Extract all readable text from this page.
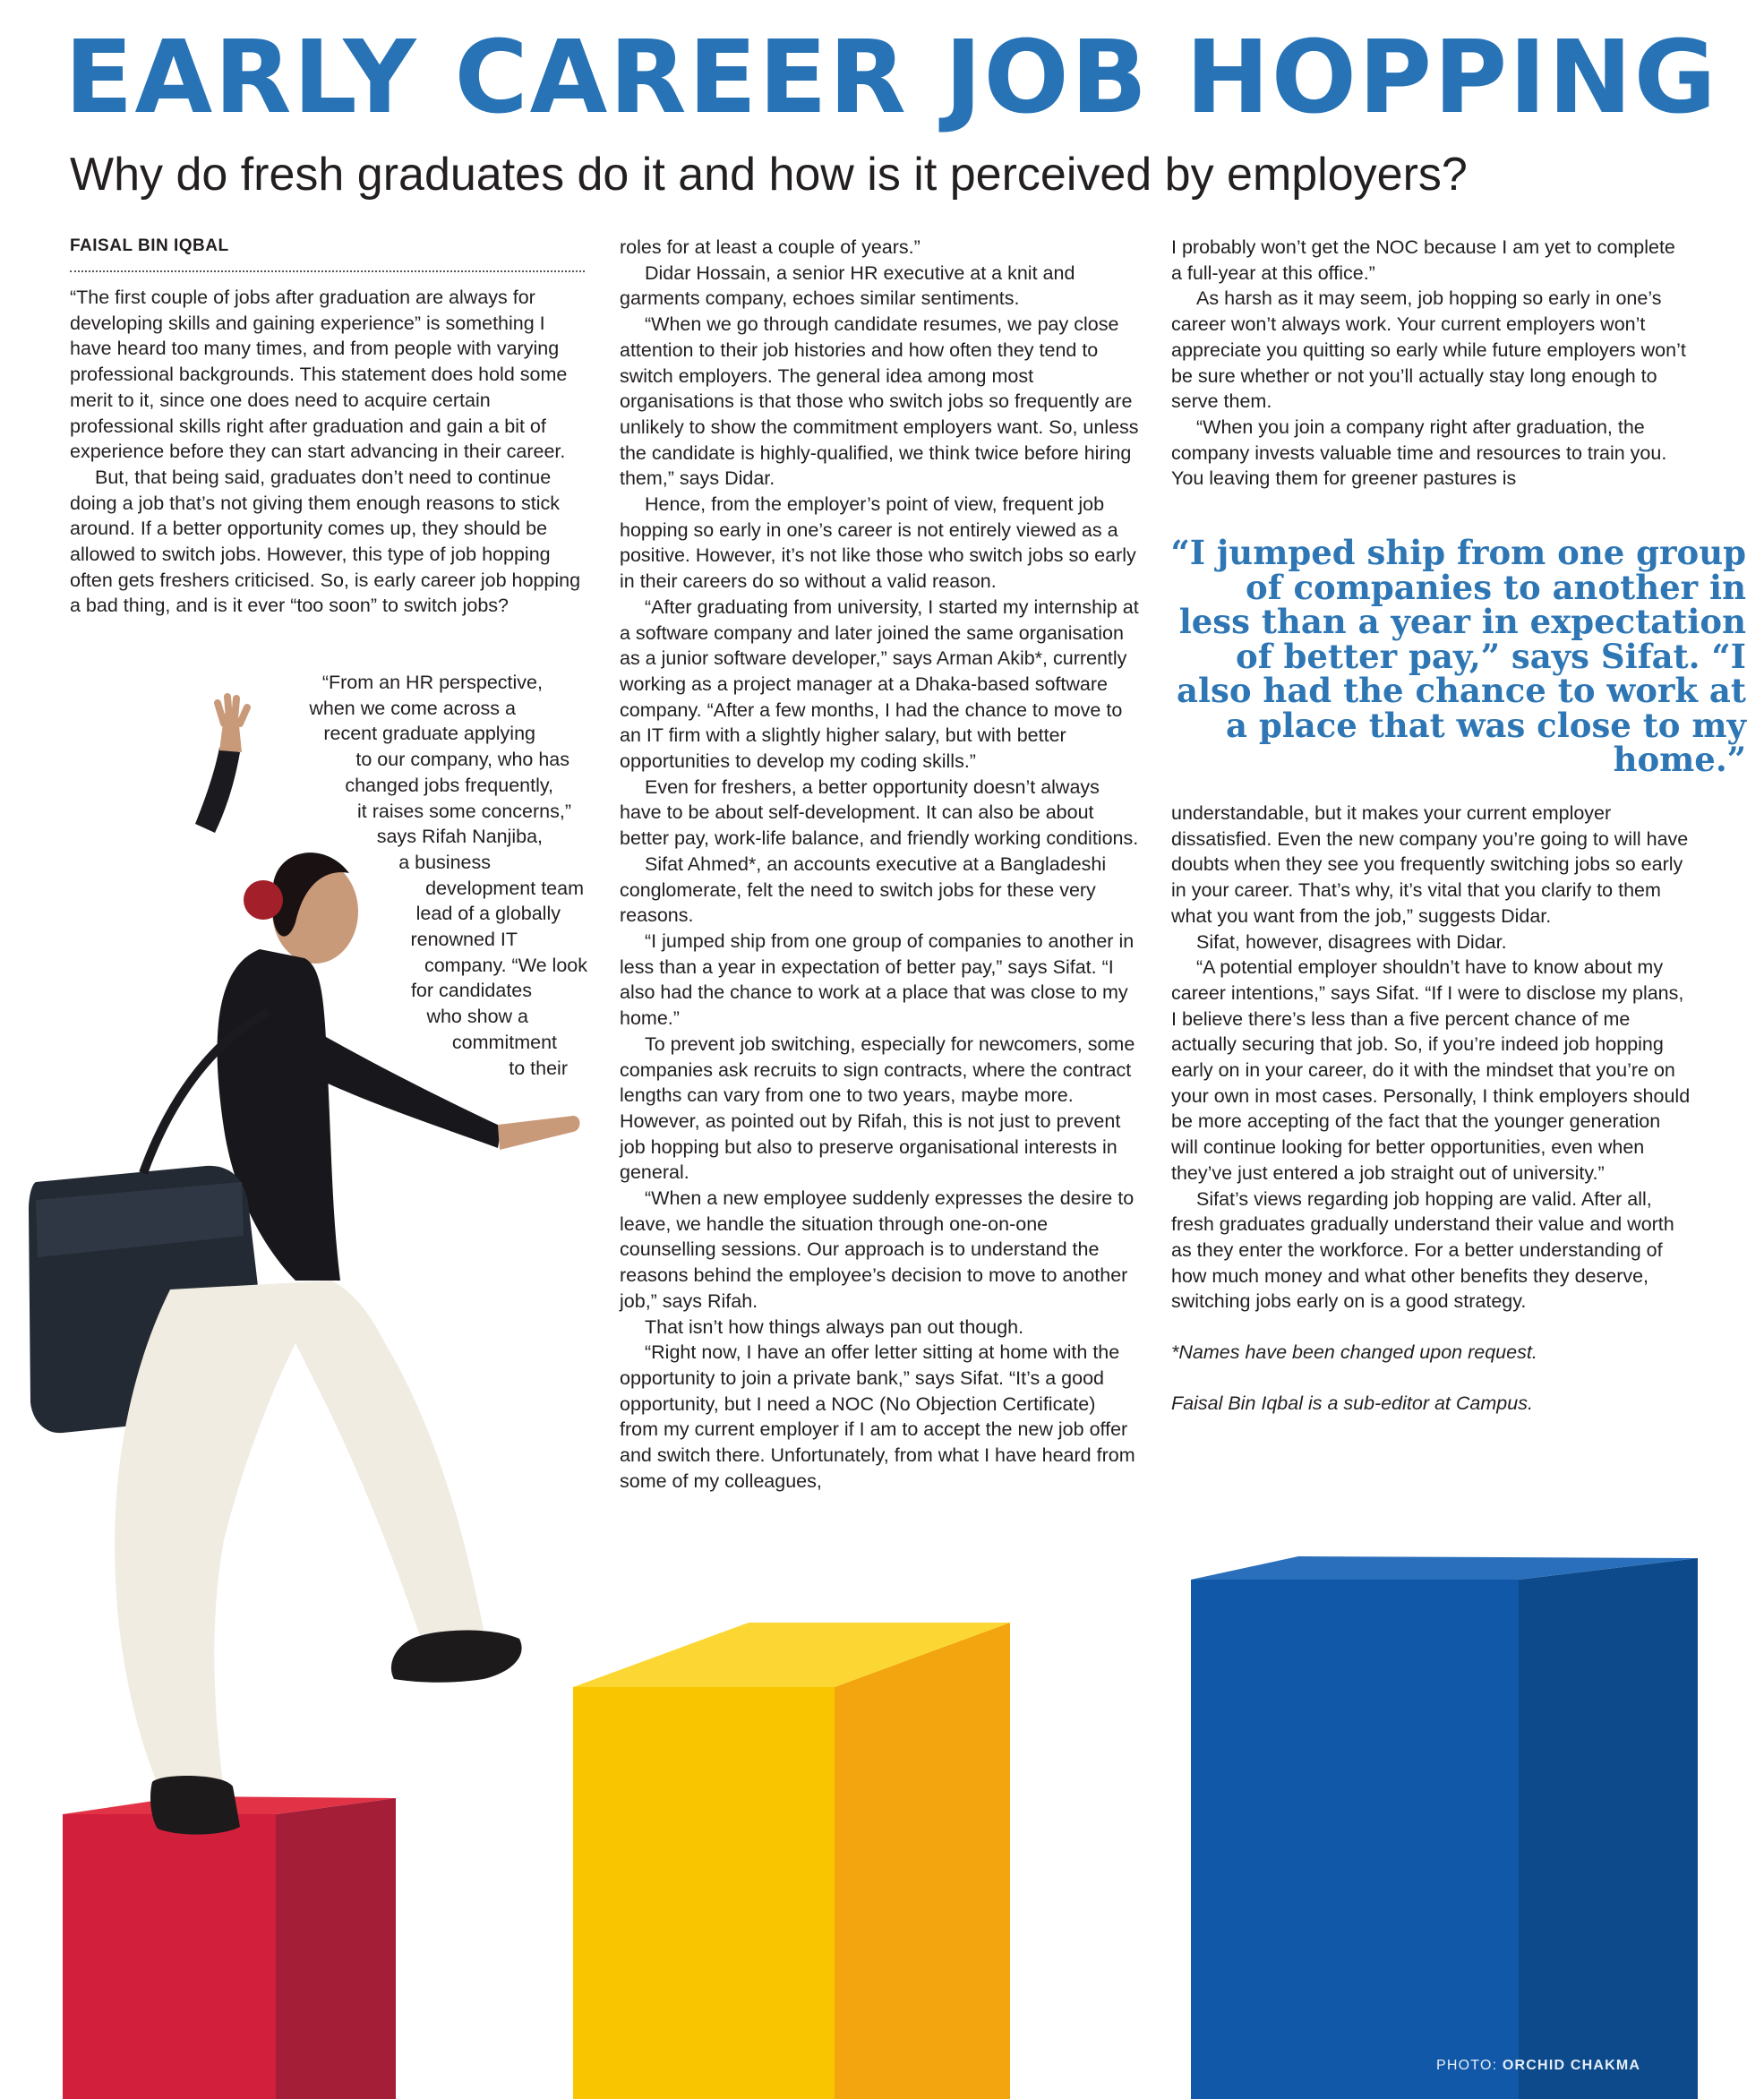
EARLY CAREER JOB HOPPING
Why do fresh graduates do it and how is it perceived by employers?
FAISAL BIN IQBAL

“The first couple of jobs after graduation are always for developing skills and gaining experience” is something I have heard too many times, and from people with varying professional backgrounds. This statement does hold some merit to it, since one does need to acquire certain professional skills right after graduation and gain a bit of experience before they can start advancing in their career.

But, that being said, graduates don’t need to continue doing a job that’s not giving them enough reasons to stick around. If a better opportunity comes up, they should be allowed to switch jobs. However, this type of job hopping often gets freshers criticised. So, is early career job hopping a bad thing, and is it ever “too soon” to switch jobs?

“From an HR perspective,
when we come across a
recent graduate applying
to our company, who has
changed jobs frequently,
it raises some concerns,”
says Rifah Nanjiba,
a business
development team
lead of a globally
renowned IT
company. “We look
for candidates
who show a
commitment
to their

roles for at least a couple of years.”

Didar Hossain, a senior HR executive at a knit and garments company, echoes similar sentiments.

“When we go through candidate resumes, we pay close attention to their job histories and how often they tend to switch employers. The general idea among most organisations is that those who switch jobs so frequently are unlikely to show the commitment employers want. So, unless the candidate is highly-qualified, we think twice before hiring them,” says Didar.

Hence, from the employer’s point of view, frequent job hopping so early in one’s career is not entirely viewed as a positive. However, it’s not like those who switch jobs so early in their careers do so without a valid reason.

“After graduating from university, I started my internship at a software company and later joined the same organisation as a junior software developer,” says Arman Akib*, currently working as a project manager at a Dhaka-based software company. “After a few months, I had the chance to move to an IT firm with a slightly higher salary, but with better opportunities to develop my coding skills.”

Even for freshers, a better opportunity doesn’t always have to be about self-development. It can also be about better pay, work-life balance, and friendly working conditions.

Sifat Ahmed*, an accounts executive at a Bangladeshi conglomerate, felt the need to switch jobs for these very reasons.

“I jumped ship from one group of companies to another in less than a year in expectation of better pay,” says Sifat. “I also had the chance to work at a place that was close to my home.”

To prevent job switching, especially for newcomers, some companies ask recruits to sign contracts, where the contract lengths can vary from one to two years, maybe more. However, as pointed out by Rifah, this is not just to prevent job hopping but also to preserve organisational interests in general.

“When a new employee suddenly expresses the desire to leave, we handle the situation through one-on-one counselling sessions. Our approach is to understand the reasons behind the employee’s decision to move to another job,” says Rifah.

That isn’t how things always pan out though.

“Right now, I have an offer letter sitting at home with the opportunity to join a private bank,” says Sifat. “It’s a good opportunity, but I need a NOC (No Objection Certificate) from my current employer if I am to accept the new job offer and switch there. Unfortunately, from what I have heard from some of my colleagues,

I probably won’t get the NOC because I am yet to complete a full-year at this office.”

As harsh as it may seem, job hopping so early in one’s career won’t always work. Your current employers won’t appreciate you quitting so early while future employers won’t be sure whether or not you’ll actually stay long enough to serve them.

“When you join a company right after graduation, the company invests valuable time and resources to train you. You leaving them for greener pastures is

“I jumped ship from one group of companies to another in less than a year in expectation of better pay,” says Sifat. “I also had the chance to work at a place that was close to my home.”

understandable, but it makes your current employer dissatisfied. Even the new company you’re going to will have doubts when they see you frequently switching jobs so early in your career. That’s why, it’s vital that you clarify to them what you want from the job,” suggests Didar.

Sifat, however, disagrees with Didar.

“A potential employer shouldn’t have to know about my career intentions,” says Sifat. “If I were to disclose my plans, I believe there’s less than a five percent chance of me actually securing that job. So, if you’re indeed job hopping early on in your career, do it with the mindset that you’re on your own in most cases. Personally, I think employers should be more accepting of the fact that the younger generation will continue looking for better opportunities, even when they’ve just entered a job straight out of university.”

Sifat’s views regarding job hopping are valid. After all, fresh graduates gradually understand their value and worth as they enter the workforce. For a better understanding of how much money and what other benefits they deserve, switching jobs early on is a good strategy.

*Names have been changed upon request.

Faisal Bin Iqbal is a sub-editor at Campus.

PHOTO: ORCHID CHAKMA
